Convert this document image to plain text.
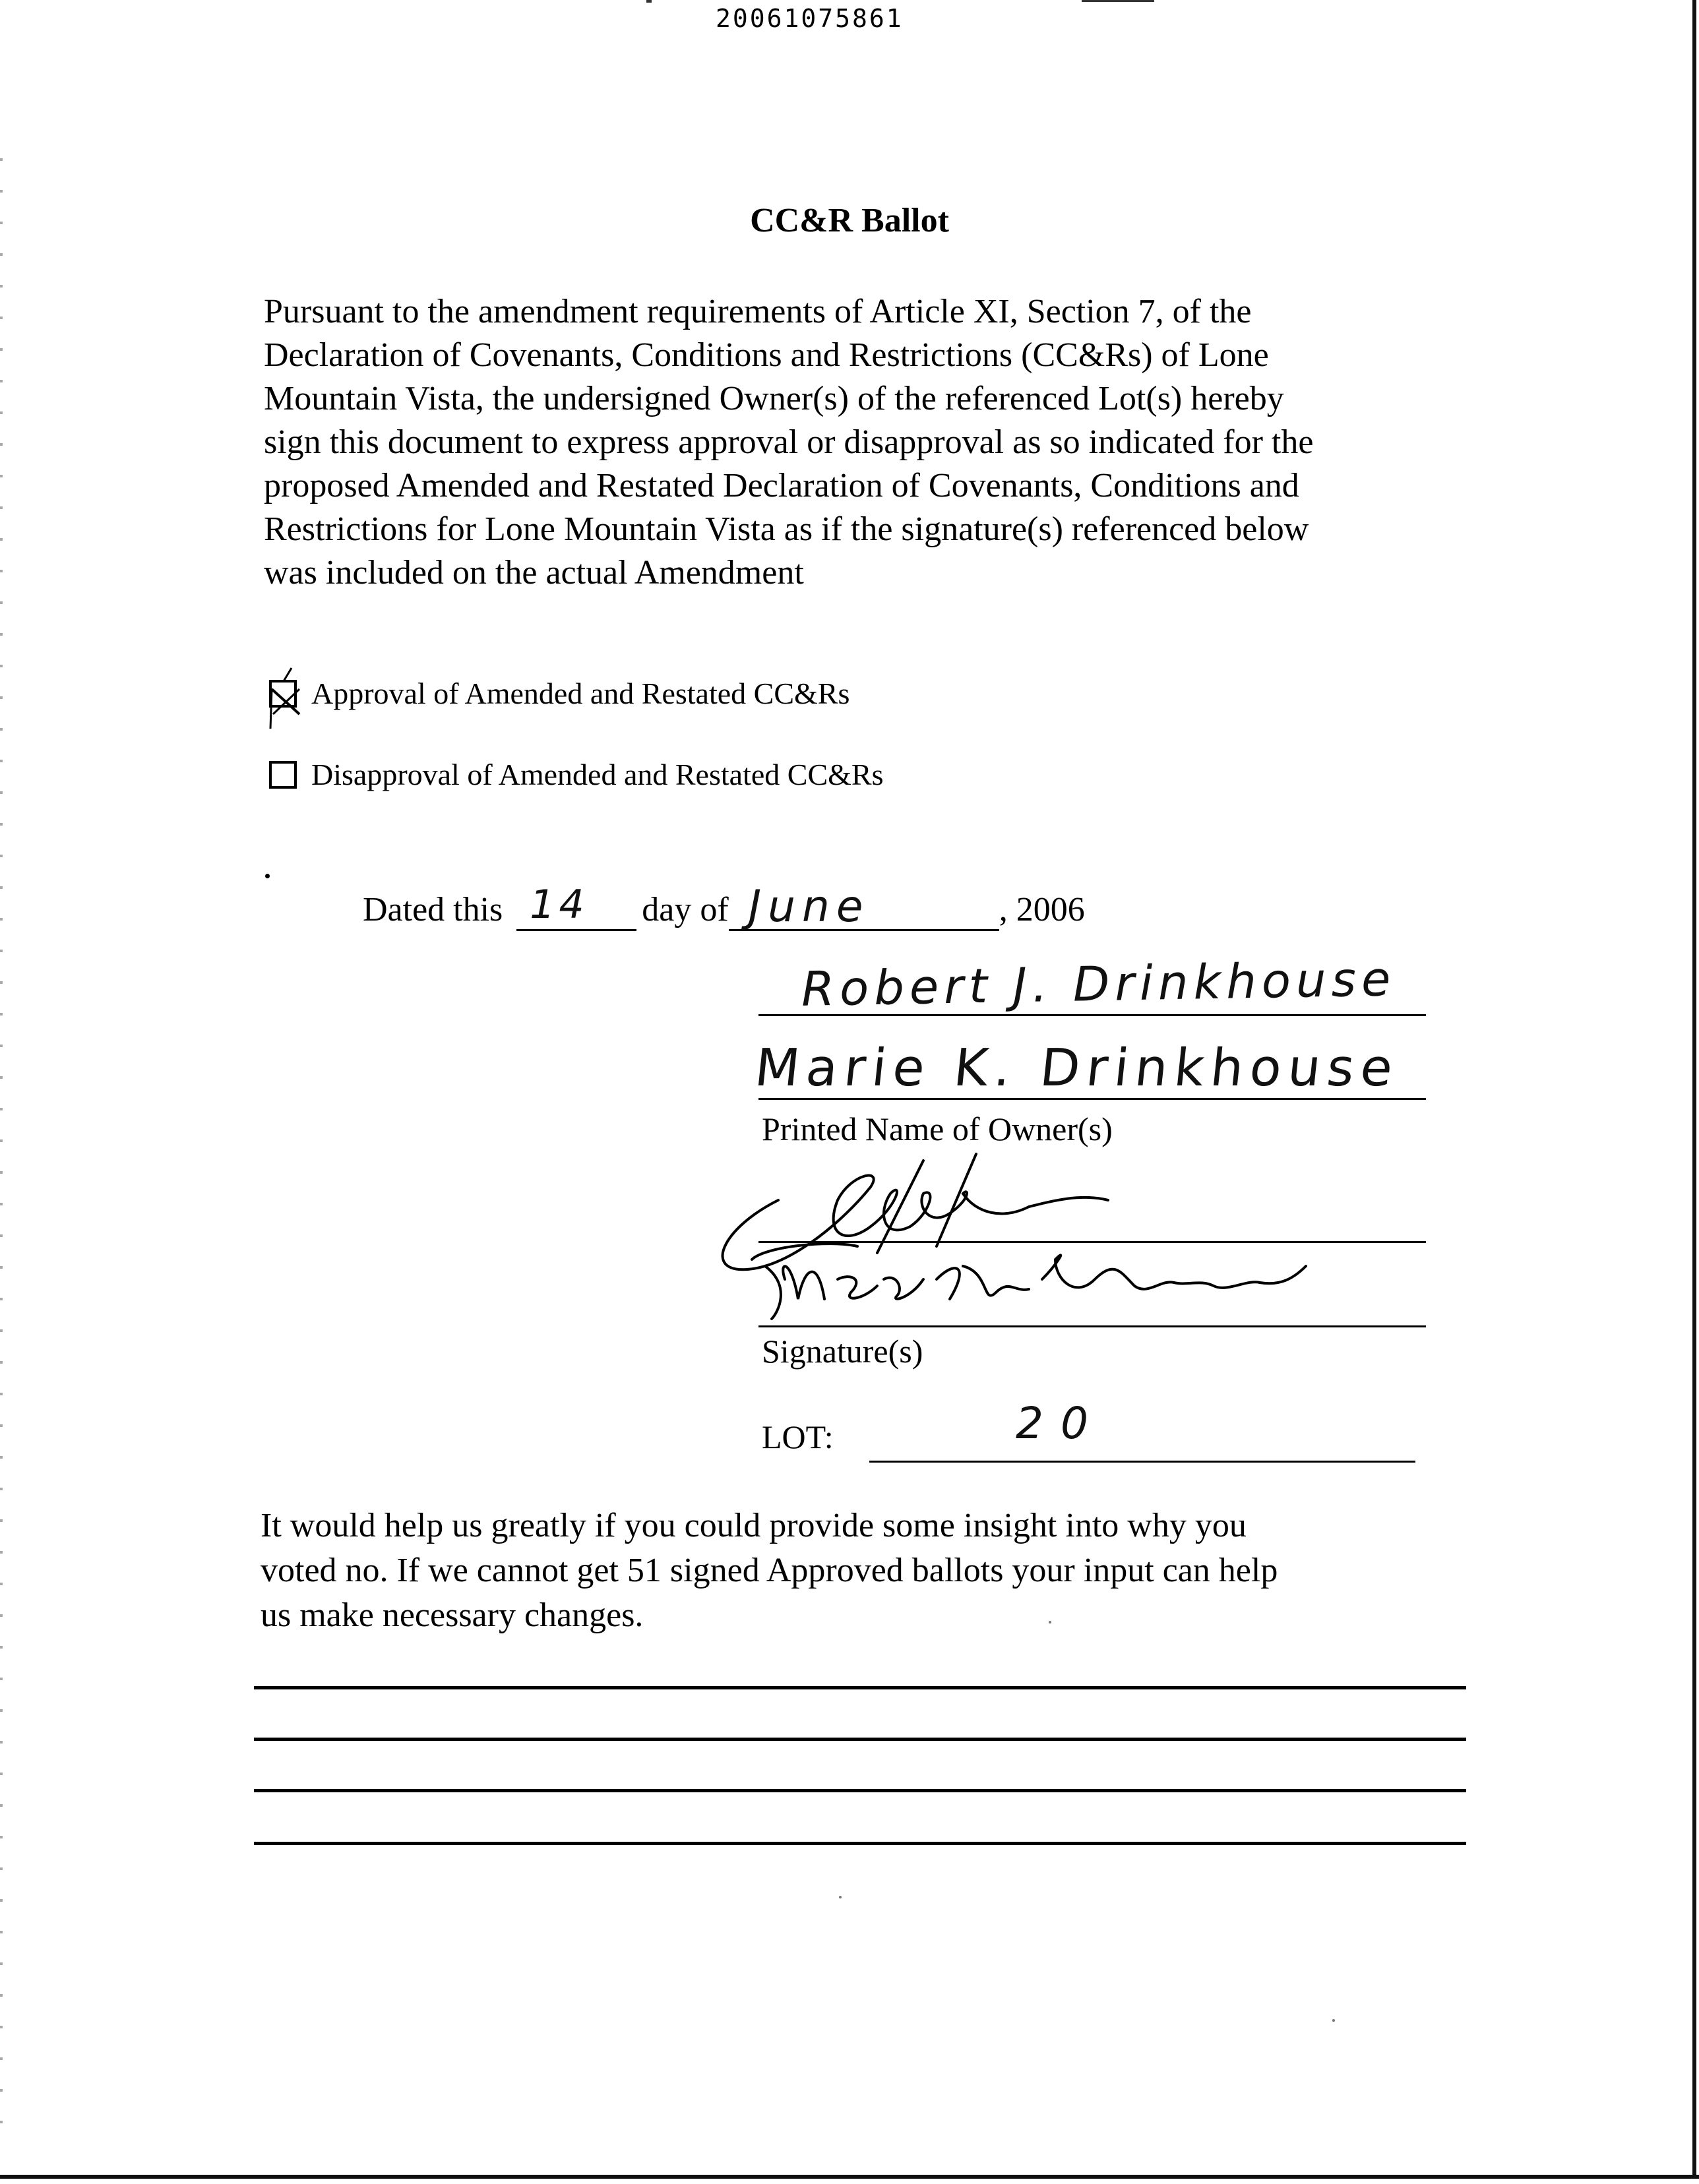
20061075861
CC&R Ballot

Pursuant to the amendment requirements of Article XI, Section 7, of the
Declaration of Covenants, Conditions and Restrictions (CC&Rs) of Lone
Mountain Vista, the undersigned Owner(s) of the referenced Lot(s) hereby
sign this document to express approval or disapproval as so indicated for the
proposed Amended and Restated Declaration of Covenants, Conditions and
Restrictions for Lone Mountain Vista as if the signature(s) referenced below
was included on the actual Amendment

Approval of Amended and Restated CC&Rs
Disapproval of Amended and Restated CC&Rs
Dated this 14 day of June	, 2006
Robert J. Drinkhouse
Marie K. Drinkhouse
Printed Name of Owner(s)
Signature(s)
LOT:	20

It would help us greatly if you could provide some insight into why you
voted no. If we cannot get 51 signed Approved ballots your input can help
us make necessary changes.
